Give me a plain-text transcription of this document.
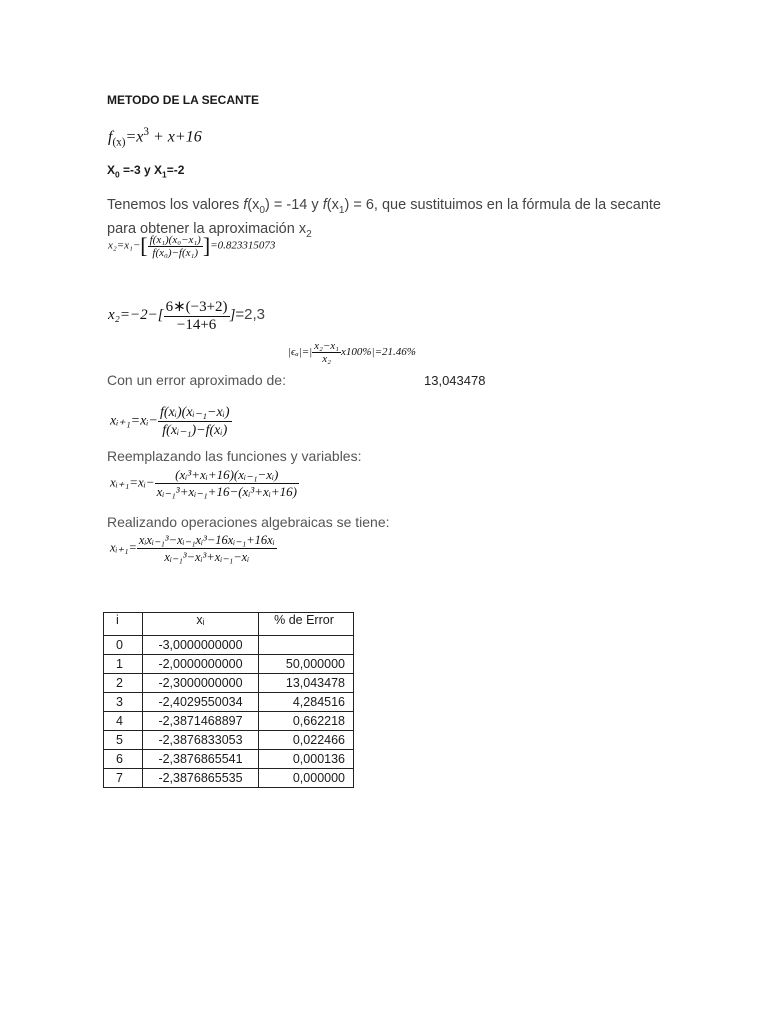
METODO DE LA SECANTE
$f_{(x)}=x^3 + x+16$
$X_0 =-3$ y $X_1=-2$
Tenemos los valores $f(x_0) = -14$ y $f(x_1) = 6$, que sustituimos en la fórmula de la secante para obtener la aproximación $x_2$
$x_2=x_1-[ \frac{\text{f(x₁)(x₀−x₁)}}{\text{f(x₀)−f(x₁)}} ]=0.823315073$
$x_2=-2-[ \frac{6∗(-3+2)}{-14+6} ]=2,3$
$|\epsilon_a|=| \frac{\text{x₂−x₁}}{\text{x₂}} x100\%|=21.46\%$
Con un error aproximado de:	13,043478
xᵢ₊₁=xᵢ− $\frac{\text{f(xᵢ)(xᵢ₋₁−xᵢ)}}{\text{f(xᵢ₋₁)−f(xᵢ)}}$
Reemplazando las funciones y variables:
xᵢ₊₁=xᵢ− $\frac{\text{(xᵢ³+xᵢ+16)(xᵢ₋₁−xᵢ)}}{\text{xᵢ₋₁³+xᵢ₋₁+16−(xᵢ³+xᵢ+16)}}$
Realizando operaciones algebraicas se tiene:
xᵢ₊₁= $\frac{\text{xᵢxᵢ₋₁³−xᵢ₋₁xᵢ³−16xᵢ₋₁+16xᵢ}}{\text{xᵢ₋₁³−xᵢ³+xᵢ₋₁−xᵢ}}$
i	xᵢ	% de Error
0	-3,0000000000	
1	-2,0000000000	50,000000
2	-2,3000000000	13,043478
3	-2,4029550034	4,284516
4	-2,3871468897	0,662218
5	-2,3876833053	0,022466
6	-2,3876865541	0,000136
7	-2,3876865535	0,000000
